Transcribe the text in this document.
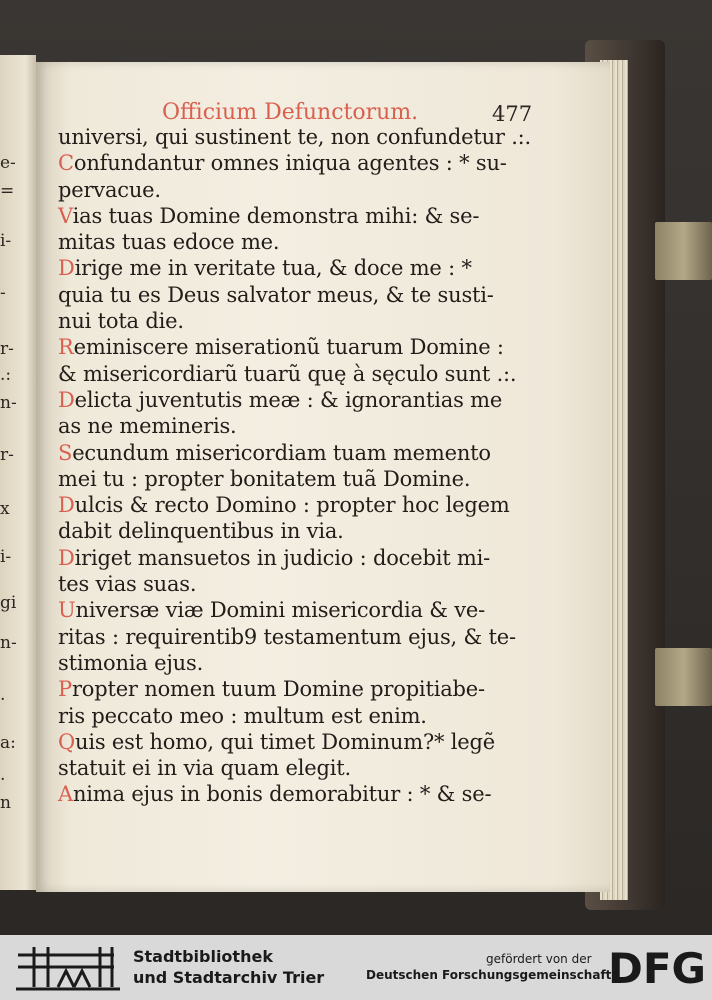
e-
=
i-
-
r-
.:
n-
r-
x
i-
gi
n-
.
a:
.
n
Officium Defunctorum.	477
universi, qui sustinent te, non confundetur .:.
Confundantur omnes iniqua agentes : * su-
pervacue.
Vias tuas Domine demonstra mihi: & se-
mitas tuas edoce me.
Dirige me in veritate tua, & doce me : *
quia tu es Deus salvator meus, & te susti-
nui tota die.
Reminiscere miserationũ tuarum Domine :
& misericordiarũ tuarũ quę à sęculo sunt .:.
Delicta juventutis meæ : & ignorantias me
as ne memineris.
Secundum misericordiam tuam memento
mei tu : propter bonitatem tuã Domine.
Dulcis & recto Domino : propter hoc legem
dabit delinquentibus in via.
Diriget mansuetos in judicio : docebit mi-
tes vias suas.
Universæ viæ Domini misericordia & ve-
ritas : requirentib9 testamentum ejus, & te-
stimonia ejus.
Propter nomen tuum Domine propitiabe-
ris peccato meo : multum est enim.
Quis est homo, qui timet Dominum?* legẽ
statuit ei in via quam elegit.
Anima ejus in bonis demorabitur : * & se-
Stadtbibliothek
und Stadtarchiv Trier
gefördert von der
Deutschen Forschungsgemeinschaft
DFG
